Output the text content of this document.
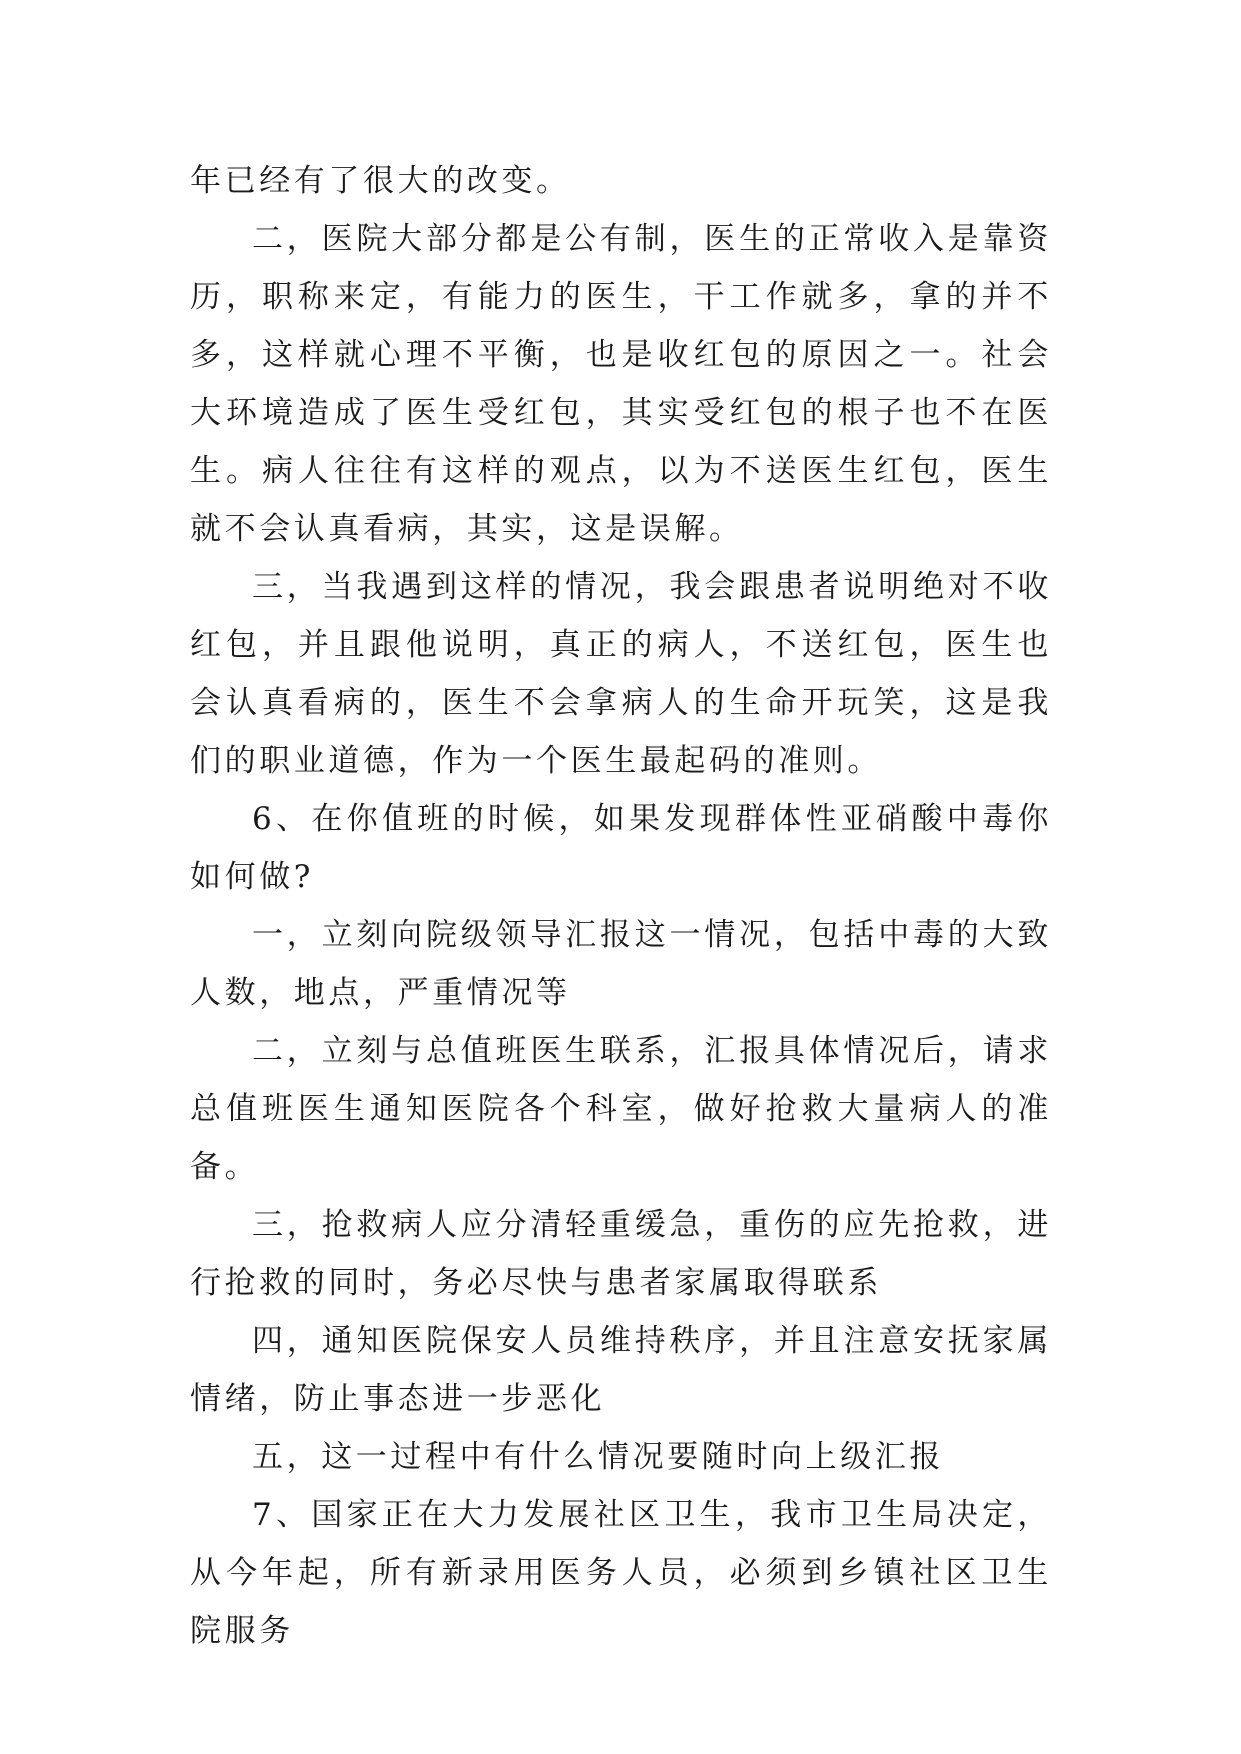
年已经有了很大的改变。

二，医院大部分都是公有制，医生的正常收入是靠资历，职称来定，有能力的医生，干工作就多，拿的并不多，这样就心理不平衡，也是收红包的原因之一。社会大环境造成了医生受红包，其实受红包的根子也不在医生。病人往往有这样的观点，以为不送医生红包，医生就不会认真看病，其实，这是误解。

三，当我遇到这样的情况，我会跟患者说明绝对不收红包，并且跟他说明，真正的病人，不送红包，医生也会认真看病的，医生不会拿病人的生命开玩笑，这是我们的职业道德，作为一个医生最起码的准则。

6、在你值班的时候，如果发现群体性亚硝酸中毒你如何做?

一，立刻向院级领导汇报这一情况，包括中毒的大致人数，地点，严重情况等

二，立刻与总值班医生联系，汇报具体情况后，请求总值班医生通知医院各个科室，做好抢救大量病人的准备。

三，抢救病人应分清轻重缓急，重伤的应先抢救，进行抢救的同时，务必尽快与患者家属取得联系

四，通知医院保安人员维持秩序，并且注意安抚家属情绪，防止事态进一步恶化

五，这一过程中有什么情况要随时向上级汇报

7、国家正在大力发展社区卫生，我市卫生局决定，从今年起，所有新录用医务人员，必须到乡镇社区卫生院服务
